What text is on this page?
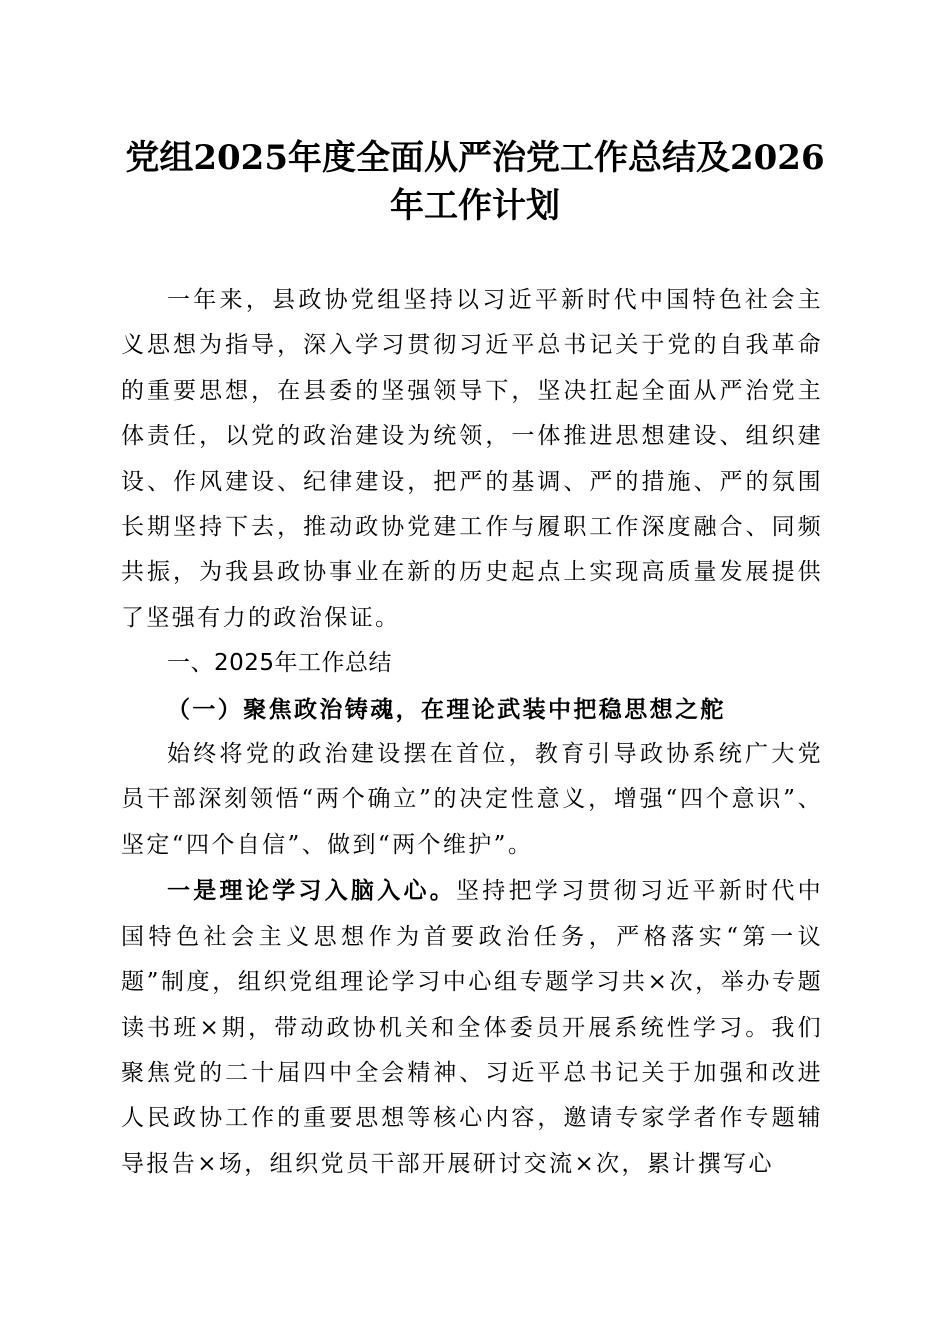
党组2025年度全面从严治党工作总结及2026年工作计划

一年来，县政协党组坚持以习近平新时代中国特色社会主义思想为指导，深入学习贯彻习近平总书记关于党的自我革命的重要思想，在县委的坚强领导下，坚决扛起全面从严治党主体责任，以党的政治建设为统领，一体推进思想建设、组织建设、作风建设、纪律建设，把严的基调、严的措施、严的氛围长期坚持下去，推动政协党建工作与履职工作深度融合、同频共振，为我县政协事业在新的历史起点上实现高质量发展提供了坚强有力的政治保证。

一、2025年工作总结

（一）聚焦政治铸魂，在理论武装中把稳思想之舵

始终将党的政治建设摆在首位，教育引导政协系统广大党员干部深刻领悟“两个确立”的决定性意义，增强“四个意识”、坚定“四个自信”、做到“两个维护”。

一是理论学习入脑入心。坚持把学习贯彻习近平新时代中国特色社会主义思想作为首要政治任务，严格落实“第一议题”制度，组织党组理论学习中心组专题学习共×次，举办专题读书班×期，带动政协机关和全体委员开展系统性学习。我们聚焦党的二十届四中全会精神、习近平总书记关于加强和改进人民政协工作的重要思想等核心内容，邀请专家学者作专题辅导报告×场，组织党员干部开展研讨交流×次，累计撰写心
